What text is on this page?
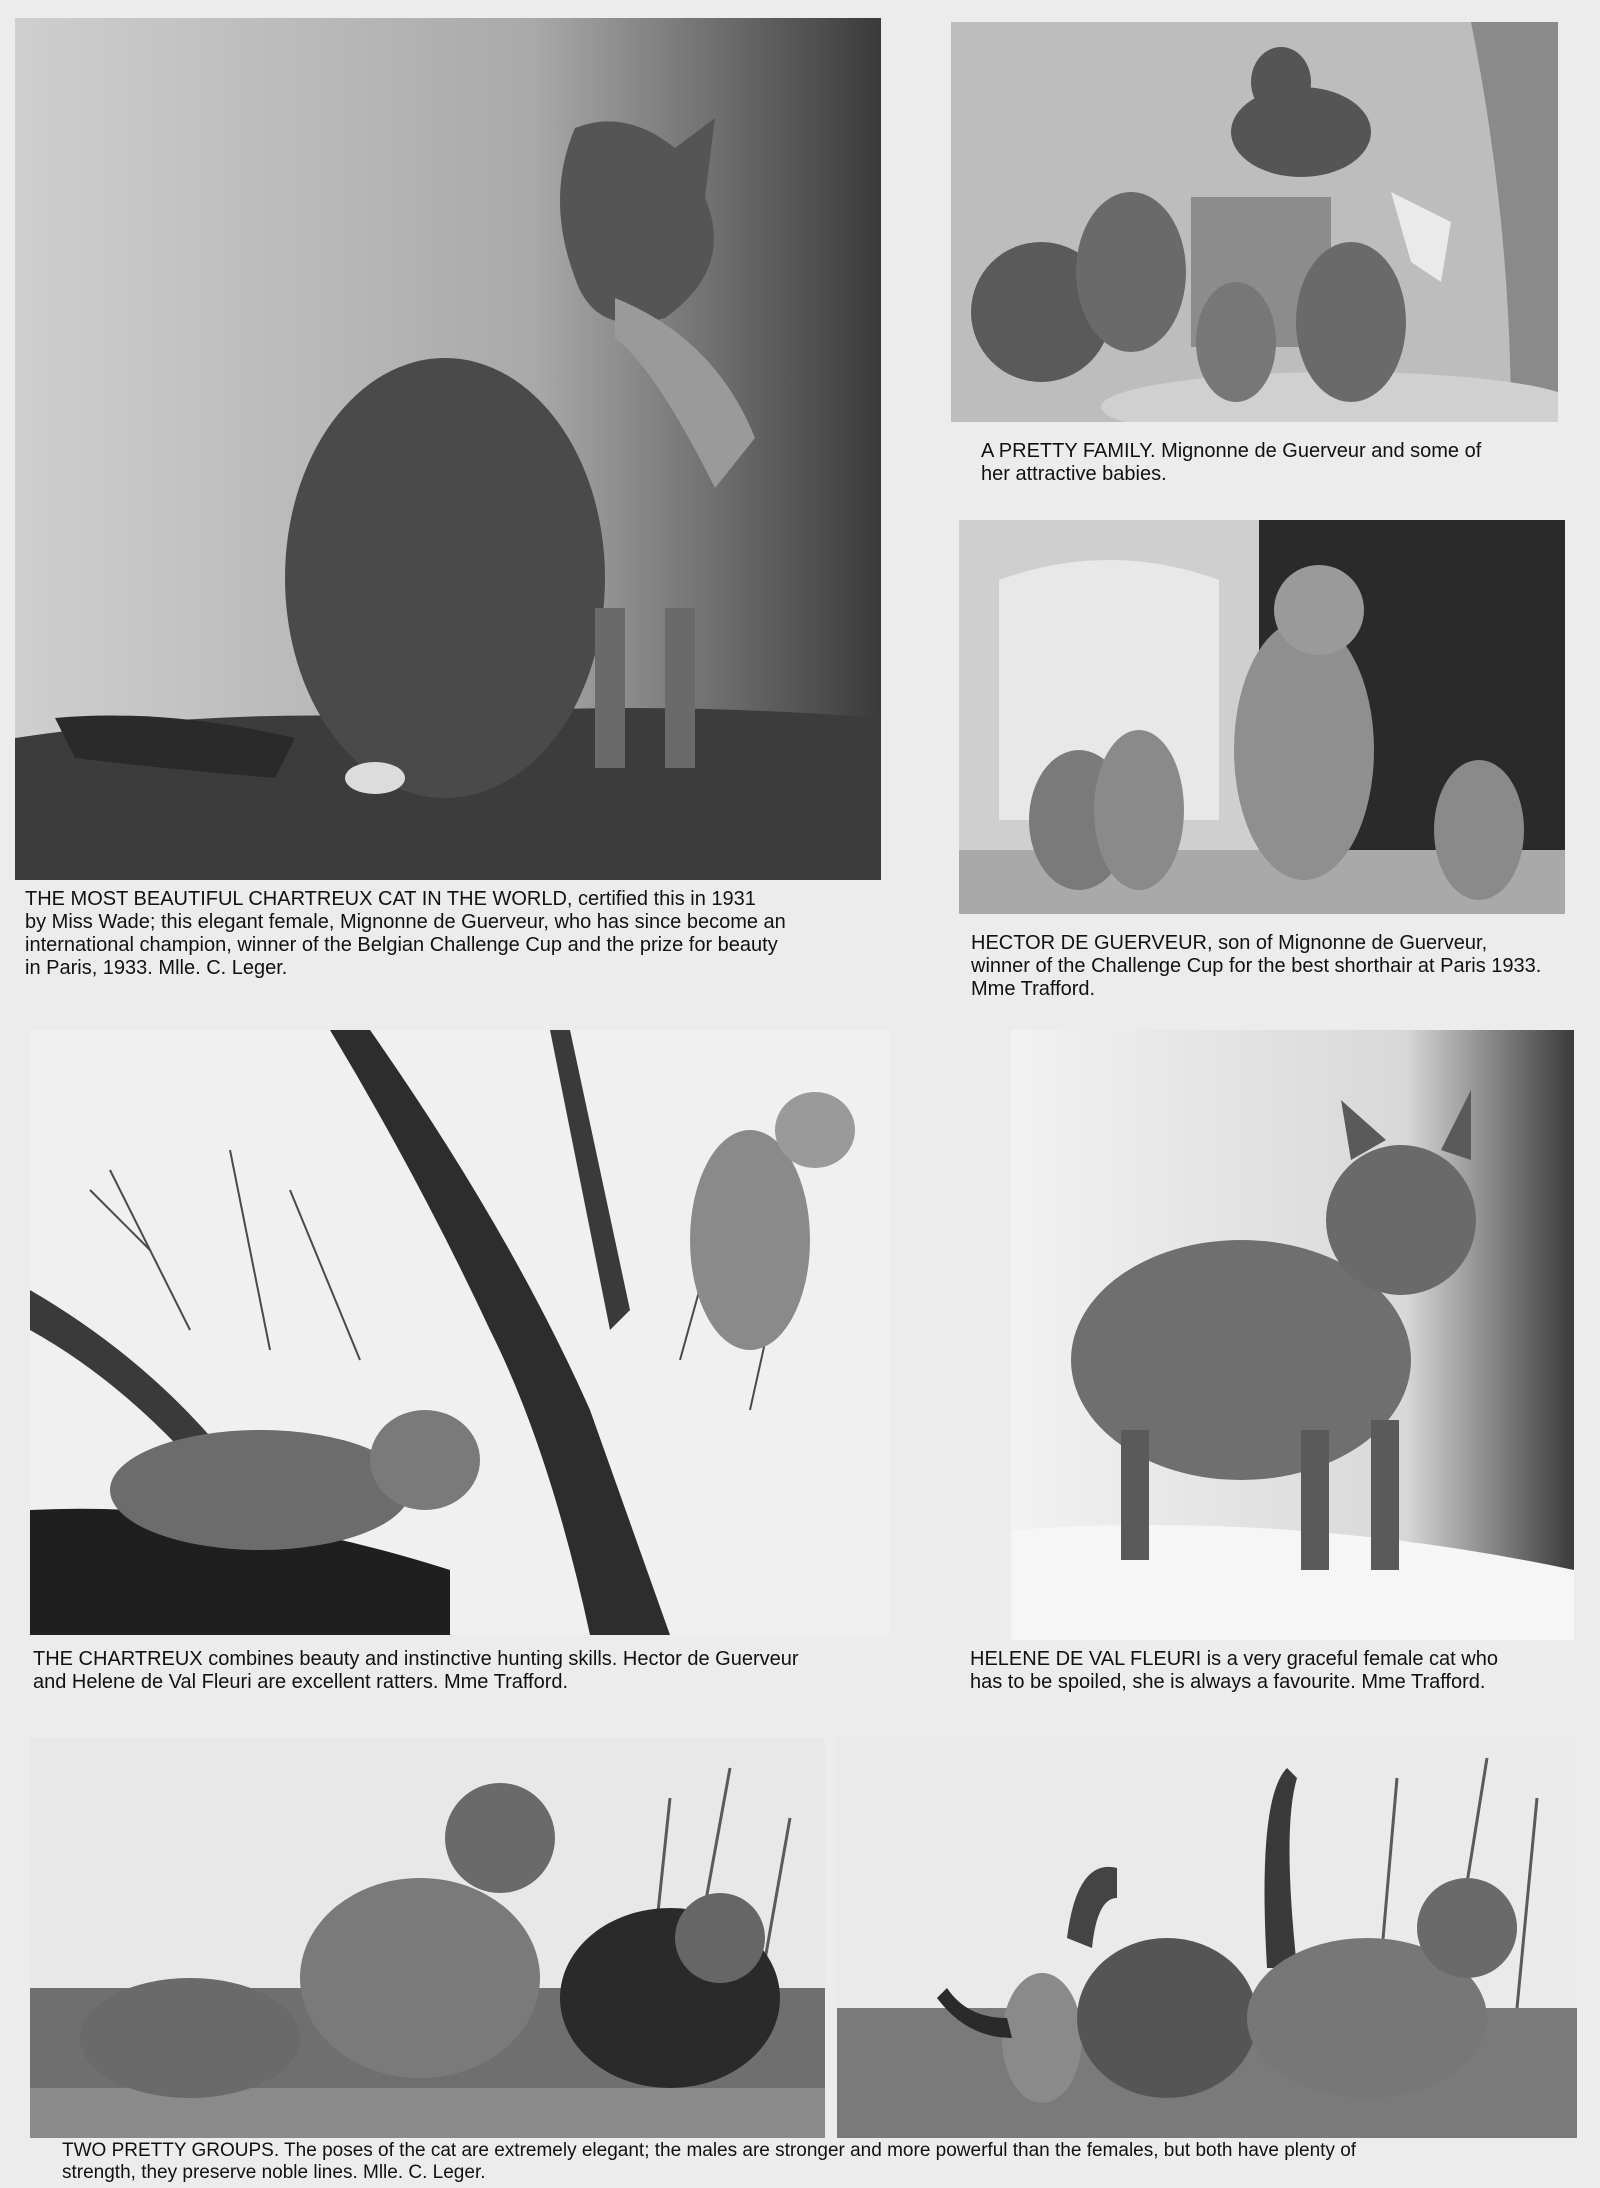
THE MOST BEAUTIFUL CHARTREUX CAT IN THE WORLD, certified this in 1931
by Miss Wade; this elegant female, Mignonne de Guerveur, who has since become an
international champion, winner of the Belgian Challenge Cup and the prize for beauty
in Paris, 1933. Mlle. C. Leger.
A PRETTY FAMILY. Mignonne de Guerveur and some of
her attractive babies.
HECTOR DE GUERVEUR, son of Mignonne de Guerveur,
winner of the Challenge Cup for the best shorthair at Paris 1933.
Mme Trafford.
THE CHARTREUX combines beauty and instinctive hunting skills. Hector de Guerveur
and Helene de Val Fleuri are excellent ratters. Mme Trafford.
HELENE DE VAL FLEURI is a very graceful female cat who
has to be spoiled, she is always a favourite. Mme Trafford.
TWO PRETTY GROUPS. The poses of the cat are extremely elegant; the males are stronger and more powerful than the females, but both have plenty of
strength, they preserve noble lines. Mlle. C. Leger.
